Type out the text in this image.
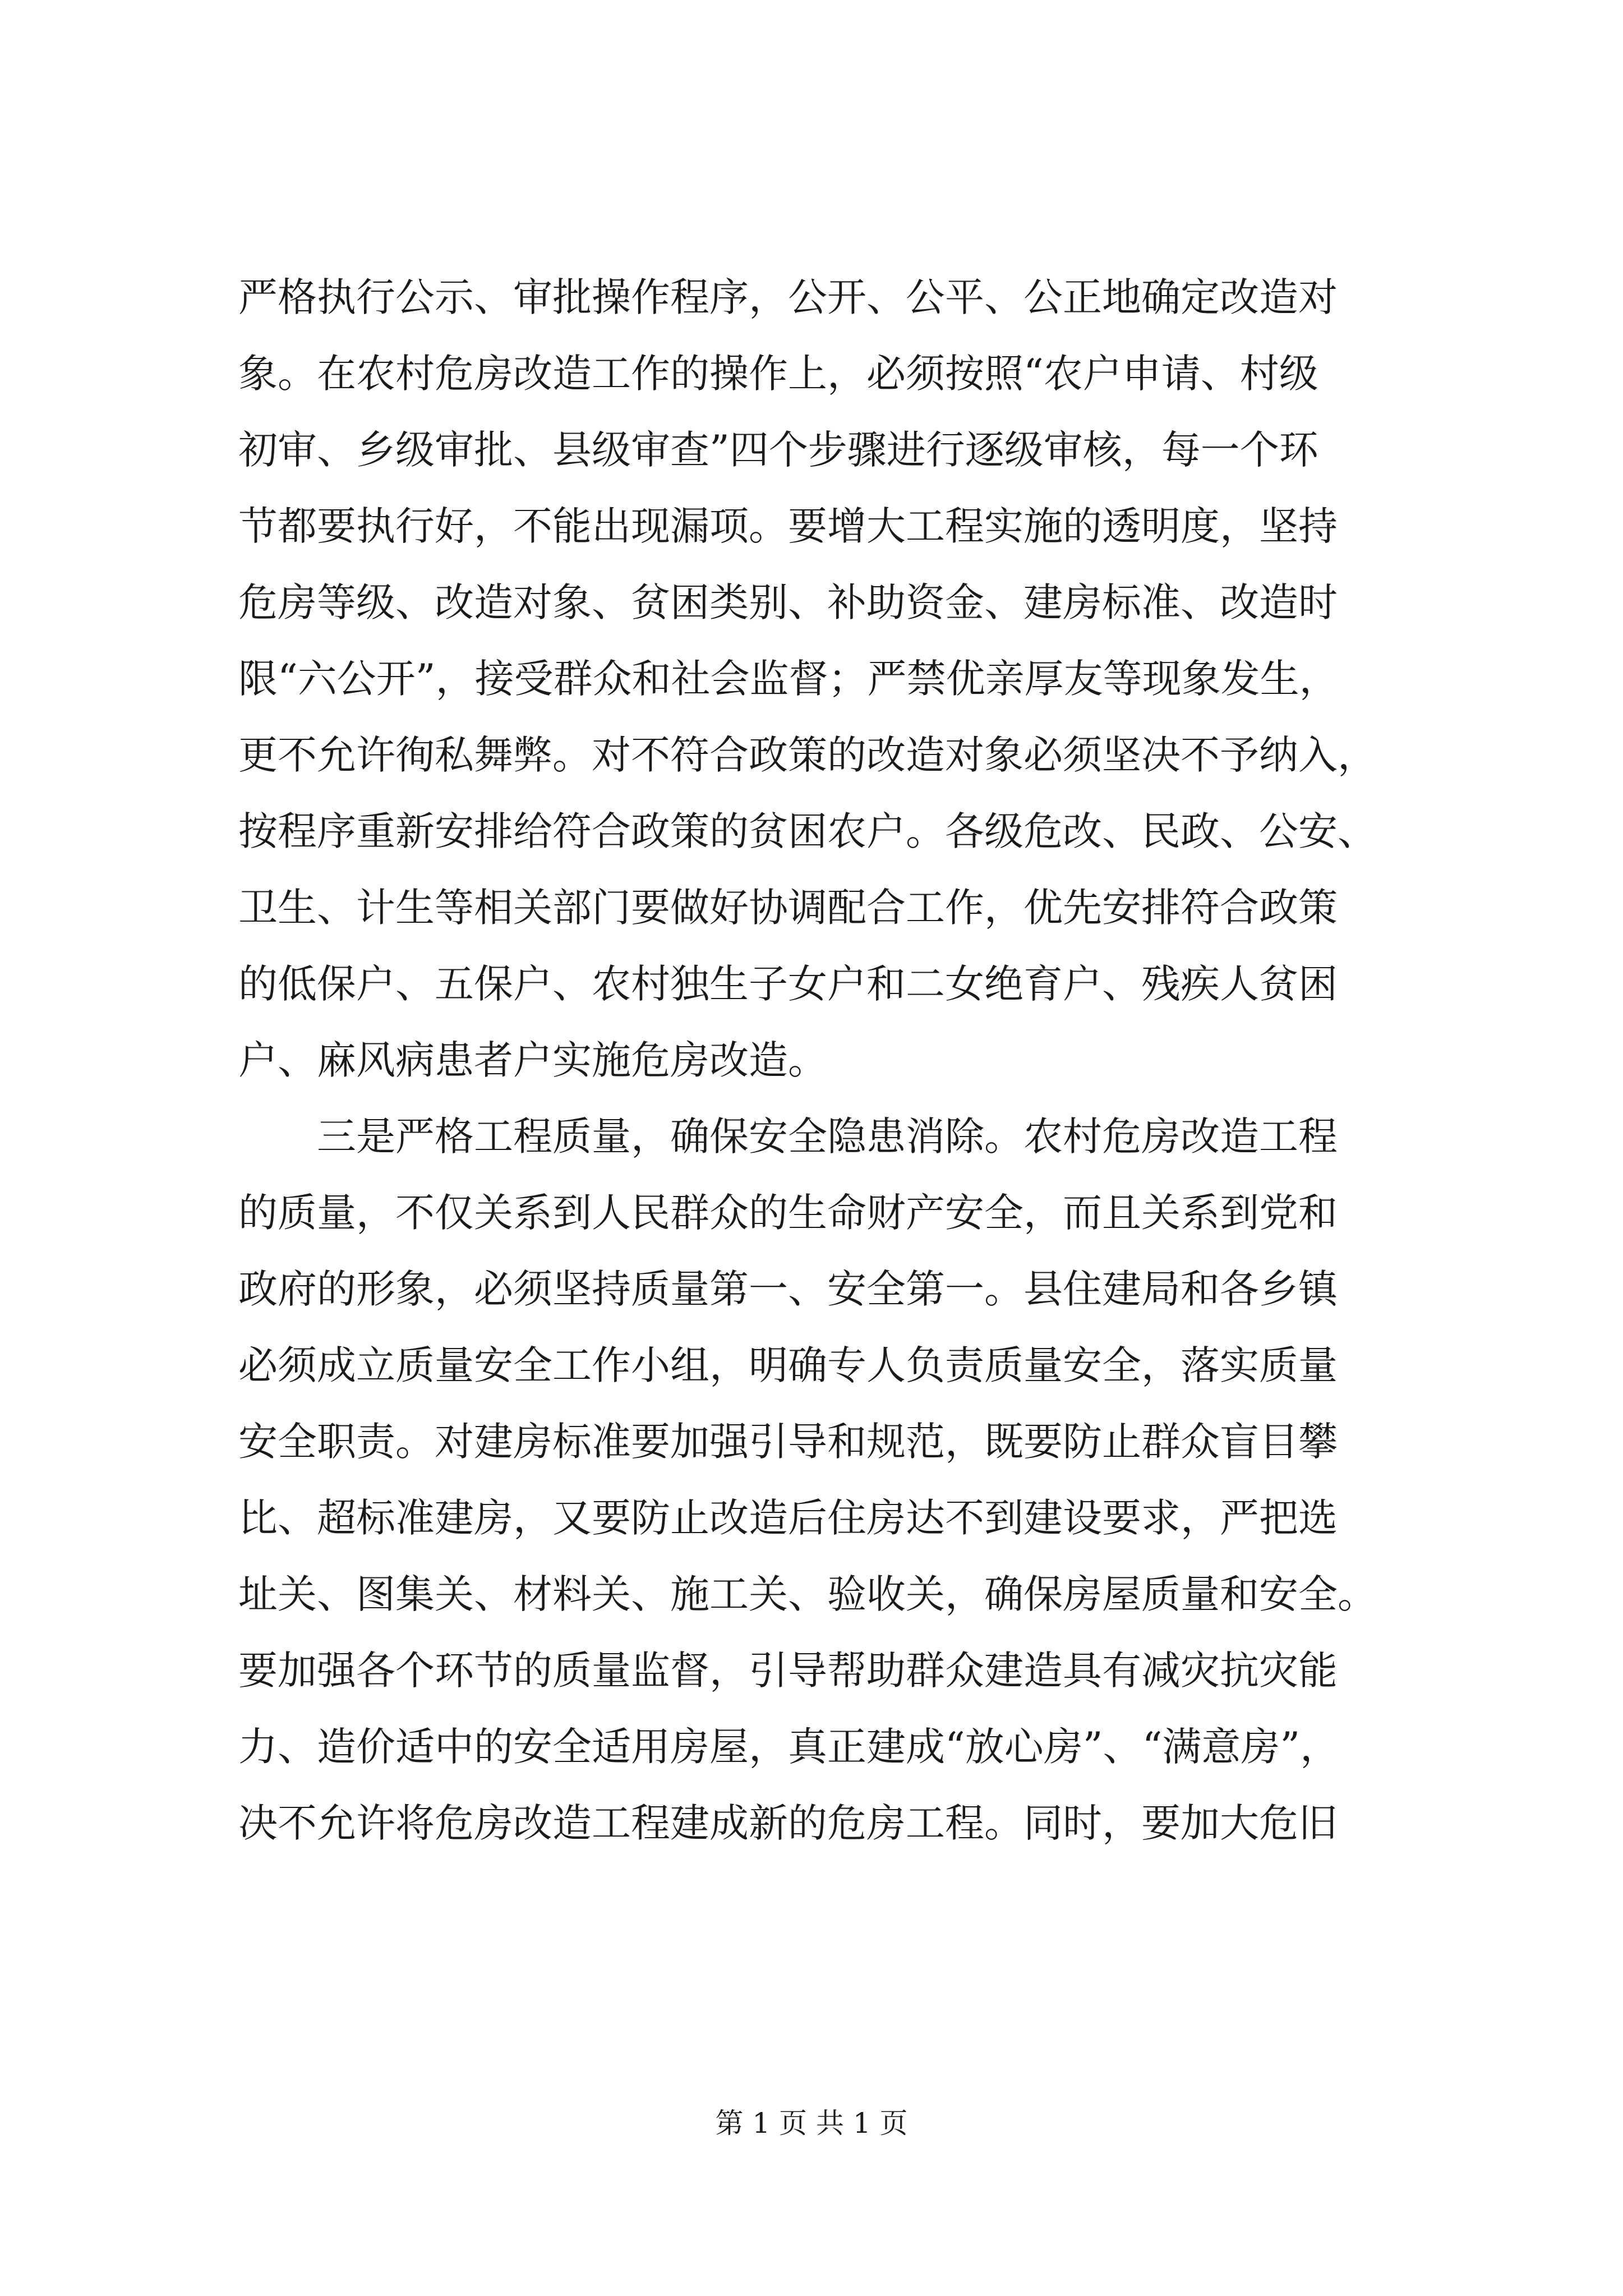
严格执行公示、审批操作程序，公开、公平、公正地确定改造对
象。在农村危房改造工作的操作上，必须按照“农户申请、村级
初审、乡级审批、县级审查”四个步骤进行逐级审核，每一个环
节都要执行好，不能出现漏项。要增大工程实施的透明度，坚持
危房等级、改造对象、贫困类别、补助资金、建房标准、改造时
限“六公开”，接受群众和社会监督；严禁优亲厚友等现象发生，
更不允许徇私舞弊。对不符合政策的改造对象必须坚决不予纳入，
按程序重新安排给符合政策的贫困农户。各级危改、民政、公安、
卫生、计生等相关部门要做好协调配合工作，优先安排符合政策
的低保户、五保户、农村独生子女户和二女绝育户、残疾人贫困
户、麻风病患者户实施危房改造。
三是严格工程质量，确保安全隐患消除。农村危房改造工程
的质量，不仅关系到人民群众的生命财产安全，而且关系到党和
政府的形象，必须坚持质量第一、安全第一。县住建局和各乡镇
必须成立质量安全工作小组，明确专人负责质量安全，落实质量
安全职责。对建房标准要加强引导和规范，既要防止群众盲目攀
比、超标准建房，又要防止改造后住房达不到建设要求，严把选
址关、图集关、材料关、施工关、验收关，确保房屋质量和安全。
要加强各个环节的质量监督，引导帮助群众建造具有减灾抗灾能
力、造价适中的安全适用房屋，真正建成“放心房”、“满意房”，
决不允许将危房改造工程建成新的危房工程。同时，要加大危旧
第 1 页 共 1 页
